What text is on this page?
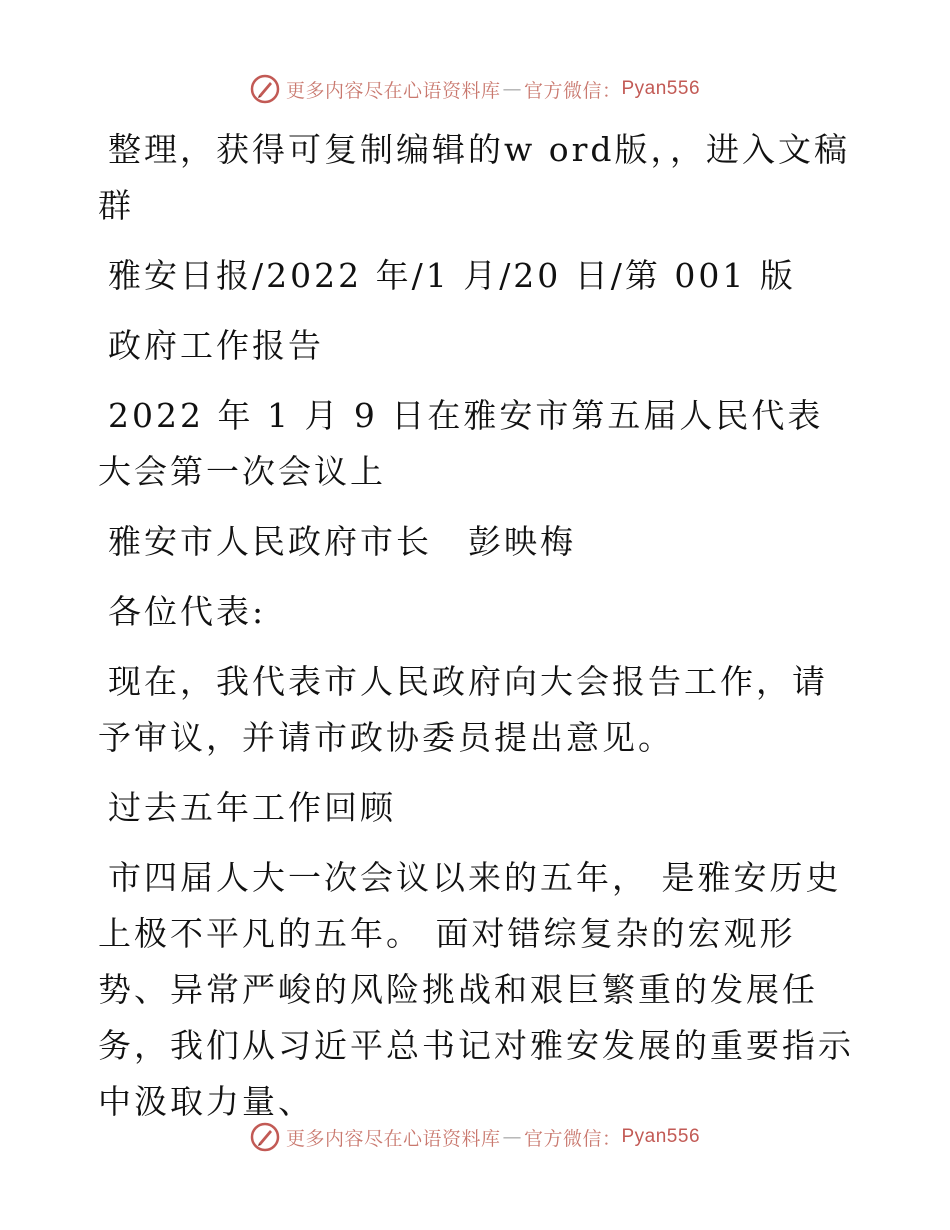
更多内容尽在心语资料库 — 官方微信： Pyan556

整理，获得可复制编辑的w ord版，，进入文稿群

雅安日报/2022 年/1 月/20 日/第 001 版

政府工作报告

2022 年 1 月 9 日在雅安市第五届人民代表大会第一次会议上

雅安市人民政府市长　彭映梅

各位代表:

现在，我代表市人民政府向大会报告工作，请予审议，并请市政协委员提出意见。

过去五年工作回顾

市四届人大一次会议以来的五年， 是雅安历史上极不平凡的五年。 面对错综复杂的宏观形势、异常严峻的风险挑战和艰巨繁重的发展任务，我们从习近平总书记对雅安发展的重要指示中汲取力量、

更多内容尽在心语资料库 — 官方微信： Pyan556
